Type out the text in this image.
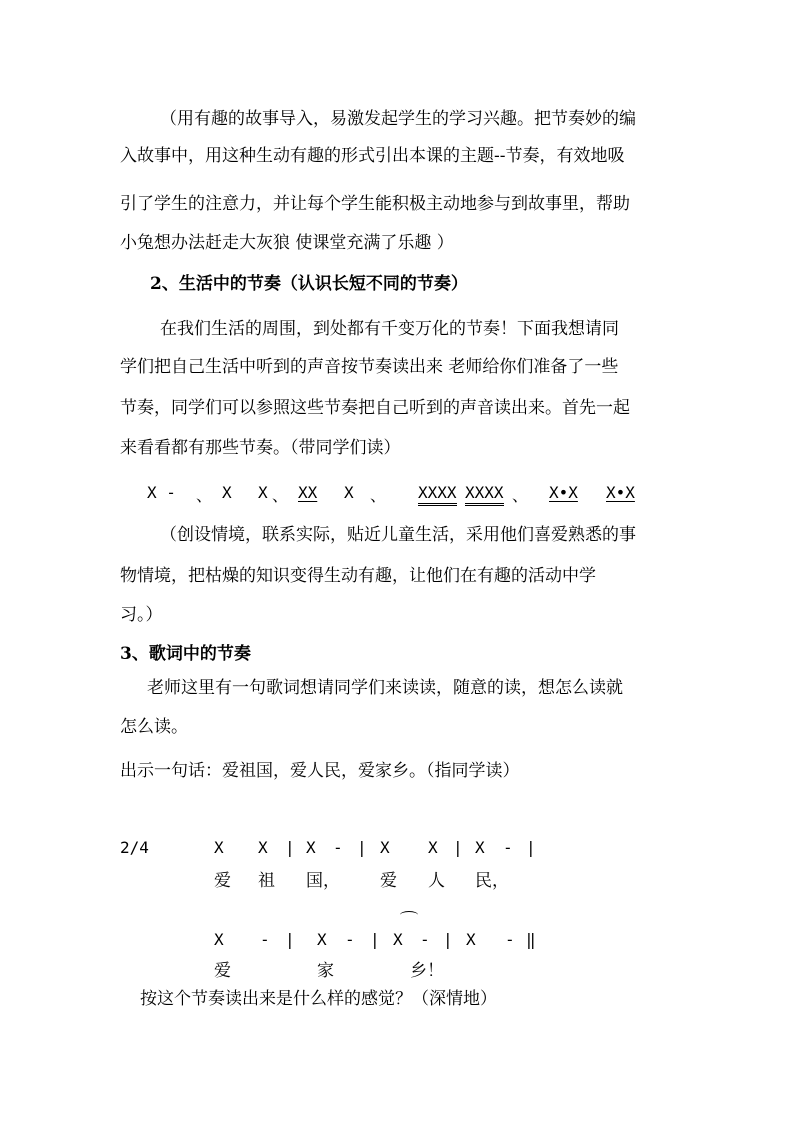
（用有趣的故事导入，易激发起学生的学习兴趣。把节奏妙的编
入故事中，用这种生动有趣的形式引出本课的主题--节奏，有效地吸
引了学生的注意力，并让每个学生能积极主动地参与到故事里，帮助
小兔想办法赶走大灰狼 使课堂充满了乐趣 ）
2、生活中的节奏（认识长短不同的节奏）
在我们生活的周围，到处都有千变万化的节奏！下面我想请同
学们把自己生活中听到的声音按节奏读出来 老师给你们准备了一些
节奏，同学们可以参照这些节奏把自己听到的声音读出来。首先一起
来看看都有那些节奏。（带同学们读）
X - 、 X X 、 XX X 、 XXXX XXXX 、 X•X X•X
（创设情境，联系实际，贴近儿童生活，采用他们喜爱熟悉的事
物情境，把枯燥的知识变得生动有趣，让他们在有趣的活动中学
习。）
3、歌词中的节奏
老师这里有一句歌词想请同学们来读读，随意的读，想怎么读就
怎么读。
出示一句话：爱祖国，爱人民，爱家乡。（指同学读）
2/4	X X | X - | X X | X - |
爱 祖 国， 爱 人 民，
X - | X - | X - | X - ‖
爱	家	乡！
按这个节奏读出来是什么样的感觉？（深情地）
